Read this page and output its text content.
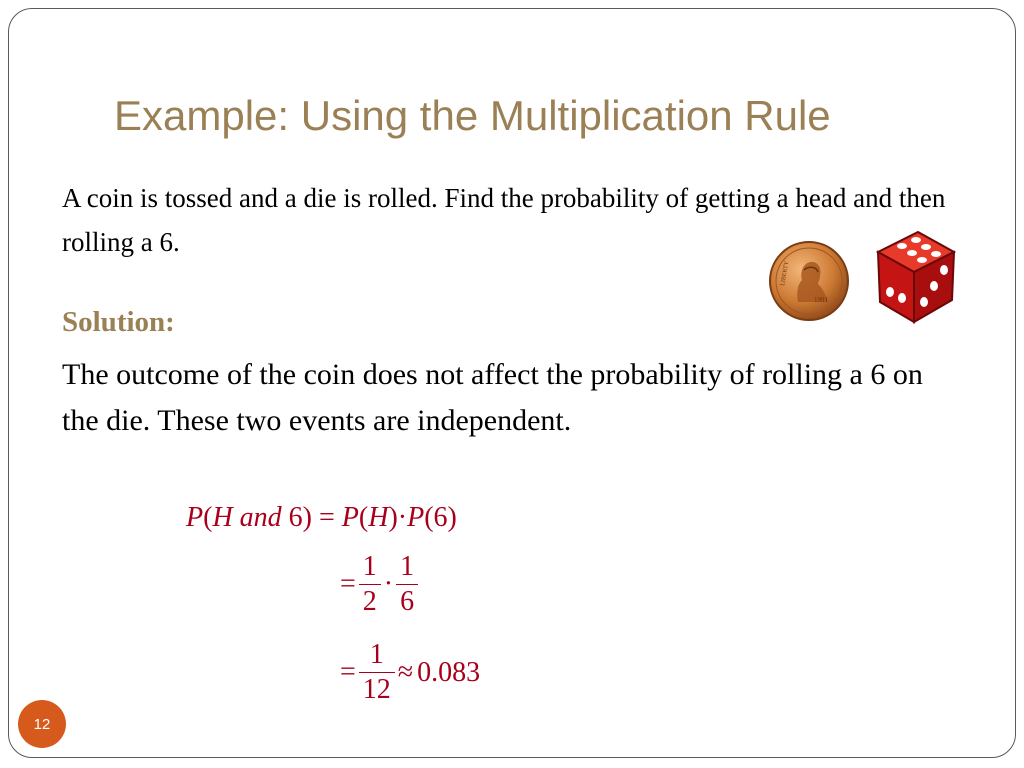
Example: Using the Multiplication Rule
A coin is tossed and a die is rolled. Find the probability of getting a head and then rolling a 6.
1991
LIBERTY
Solution:
The outcome of the coin does not affect the probability of rolling a 6 on the die. These two events are independent.
P(H and 6) = P(H)·P(6)
= $\frac{1}{2} \cdot \frac{1}{6}$
= $\frac{1}{12} \approx 0.083$
12
